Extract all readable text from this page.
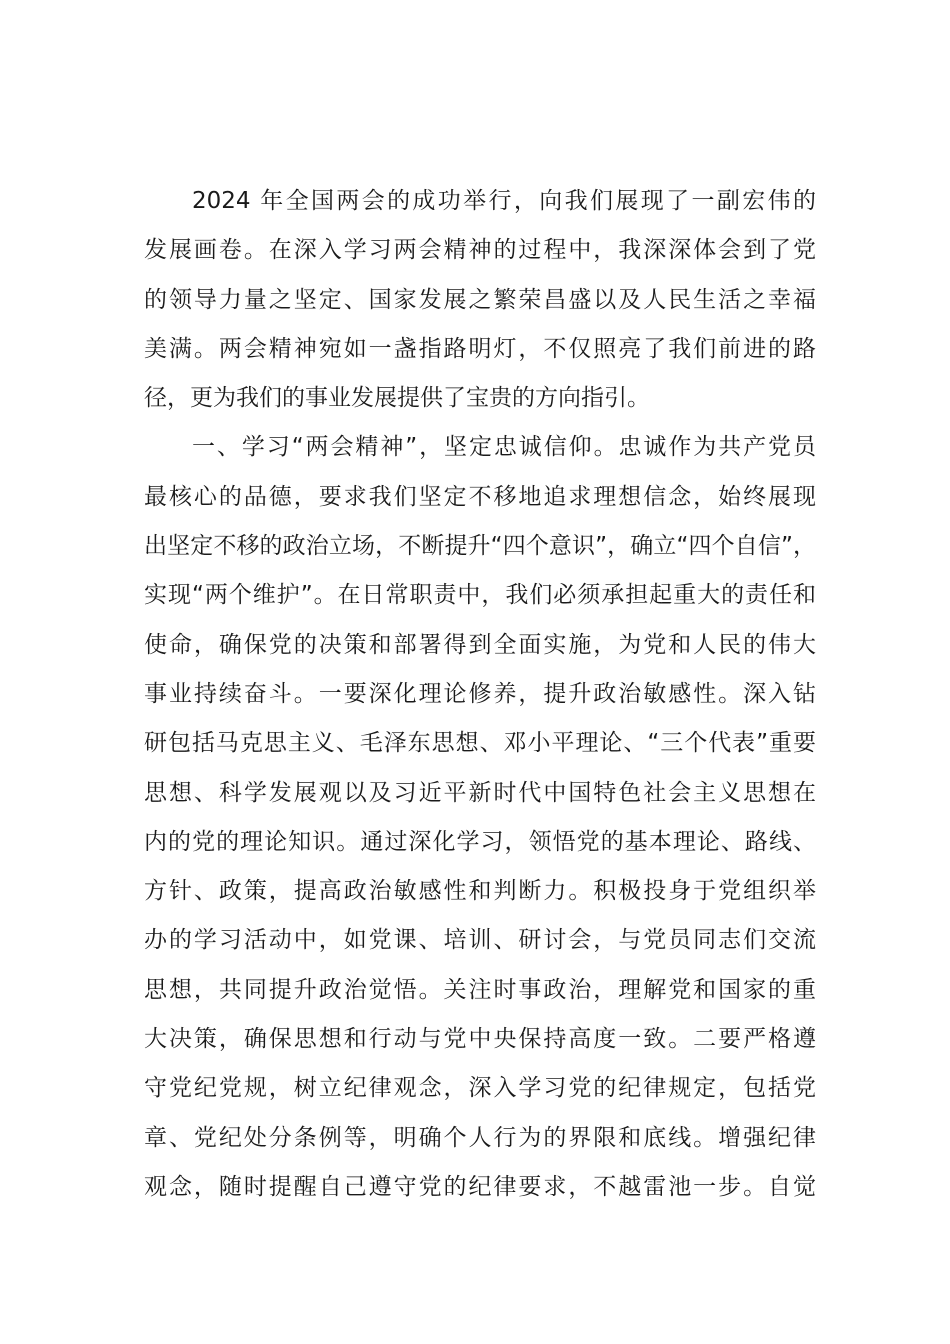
2024 年全国两会的成功举行，向我们展现了一副宏伟的
发展画卷。在深入学习两会精神的过程中，我深深体会到了党
的领导力量之坚定、国家发展之繁荣昌盛以及人民生活之幸福
美满。两会精神宛如一盏指路明灯，不仅照亮了我们前进的路
径，更为我们的事业发展提供了宝贵的方向指引。
一、学习“两会精神”，坚定忠诚信仰。忠诚作为共产党员
最核心的品德，要求我们坚定不移地追求理想信念，始终展现
出坚定不移的政治立场，不断提升“四个意识”，确立“四个自信”，
实现“两个维护”。在日常职责中，我们必须承担起重大的责任和
使命，确保党的决策和部署得到全面实施，为党和人民的伟大
事业持续奋斗。一要深化理论修养，提升政治敏感性。深入钻
研包括马克思主义、毛泽东思想、邓小平理论、“三个代表”重要
思想、科学发展观以及习近平新时代中国特色社会主义思想在
内的党的理论知识。通过深化学习，领悟党的基本理论、路线、
方针、政策，提高政治敏感性和判断力。积极投身于党组织举
办的学习活动中，如党课、培训、研讨会，与党员同志们交流
思想，共同提升政治觉悟。关注时事政治，理解党和国家的重
大决策，确保思想和行动与党中央保持高度一致。二要严格遵
守党纪党规，树立纪律观念，深入学习党的纪律规定，包括党
章、党纪处分条例等，明确个人行为的界限和底线。增强纪律
观念，随时提醒自己遵守党的纪律要求，不越雷池一步。自觉
